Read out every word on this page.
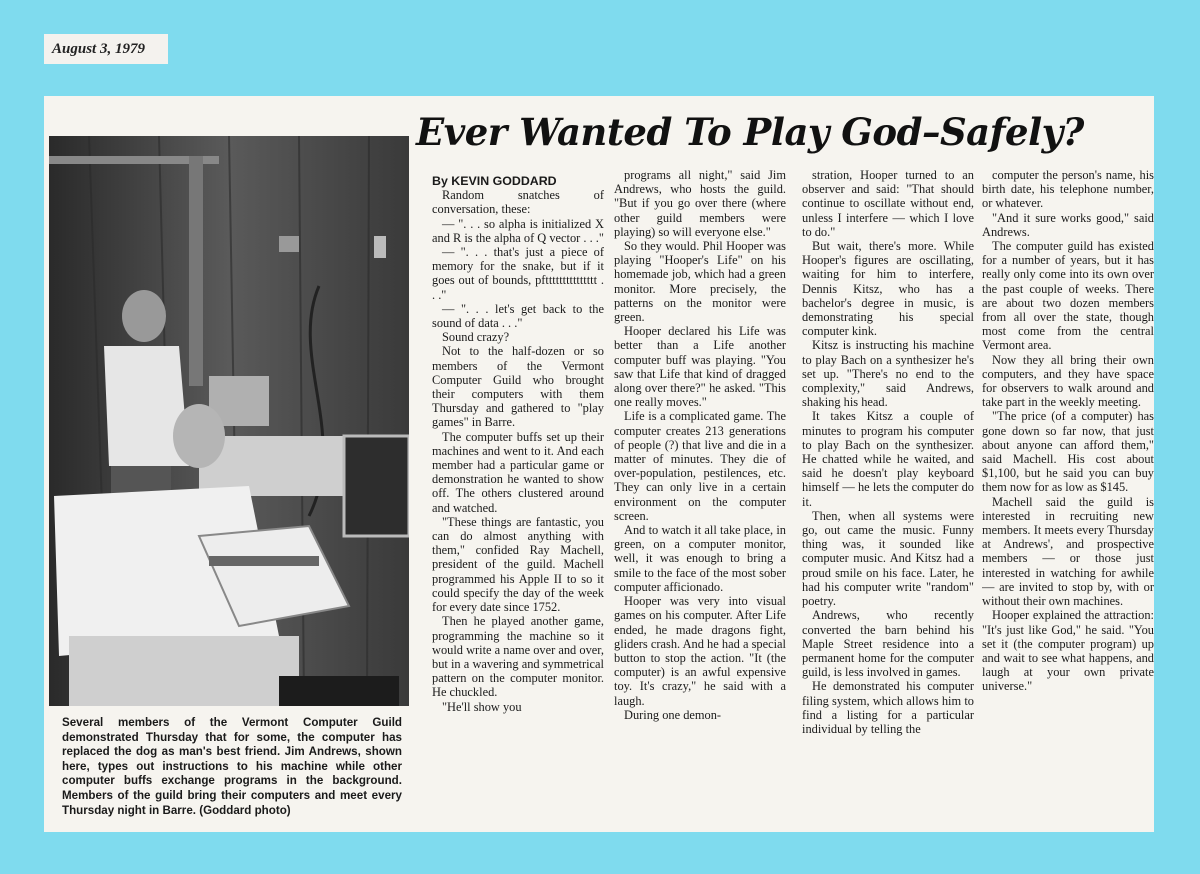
August 3, 1979
Ever Wanted To Play God–Safely?
Several members of the Vermont Computer Guild demonstrated Thursday that for some, the computer has replaced the dog as man's best friend. Jim Andrews, shown here, types out instructions to his machine while other computer buffs exchange programs in the background. Members of the guild bring their computers and meet every Thursday night in Barre. (Goddard photo)

By KEVIN GODDARD

Random snatches of conversation, these:

— ". . . so alpha is initialized X and R is the alpha of Q vector . . ."

— ". . . that's just a piece of memory for the snake, but if it goes out of bounds, pfttttttttttttttt . . ."

— ". . . let's get back to the sound of data . . ."

Sound crazy?

Not to the half-dozen or so members of the Vermont Computer Guild who brought their computers with them Thursday and gathered to "play games" in Barre.

The computer buffs set up their machines and went to it. And each member had a particular game or demonstration he wanted to show off. The others clustered around and watched.

"These things are fantastic, you can do almost anything with them," confided Ray Machell, president of the guild. Machell programmed his Apple II to so it could specify the day of the week for every date since 1752.

Then he played another game, programming the machine so it would write a name over and over, but in a wavering and symmetrical pattern on the computer monitor. He chuckled.

"He'll show you

programs all night," said Jim Andrews, who hosts the guild. "But if you go over there (where other guild members were playing) so will everyone else."

So they would. Phil Hooper was playing "Hooper's Life" on his homemade job, which had a green monitor. More precisely, the patterns on the monitor were green.

Hooper declared his Life was better than a Life another computer buff was playing. "You saw that Life that kind of dragged along over there?" he asked. "This one really moves."

Life is a complicated game. The computer creates 213 generations of people (?) that live and die in a matter of minutes. They die of over-population, pestilences, etc. They can only live in a certain environment on the computer screen.

And to watch it all take place, in green, on a computer monitor, well, it was enough to bring a smile to the face of the most sober computer afficionado.

Hooper was very into visual games on his computer. After Life ended, he made dragons fight, gliders crash. And he had a special button to stop the action. "It (the computer) is an awful expensive toy. It's crazy," he said with a laugh.

During one demon-

stration, Hooper turned to an observer and said: "That should continue to oscillate without end, unless I interfere — which I love to do."

But wait, there's more. While Hooper's figures are oscillating, waiting for him to interfere, Dennis Kitsz, who has a bachelor's degree in music, is demonstrating his special computer kink.

Kitsz is instructing his machine to play Bach on a synthesizer he's set up. "There's no end to the complexity," said Andrews, shaking his head.

It takes Kitsz a couple of minutes to program his computer to play Bach on the synthesizer. He chatted while he waited, and said he doesn't play keyboard himself — he lets the computer do it.

Then, when all systems were go, out came the music. Funny thing was, it sounded like computer music. And Kitsz had a proud smile on his face. Later, he had his computer write "random" poetry.

Andrews, who recently converted the barn behind his Maple Street residence into a permanent home for the computer guild, is less involved in games.

He demonstrated his computer filing system, which allows him to find a listing for a particular individual by telling the

computer the person's name, his birth date, his telephone number, or whatever.

"And it sure works good," said Andrews.

The computer guild has existed for a number of years, but it has really only come into its own over the past couple of weeks. There are about two dozen members from all over the state, though most come from the central Vermont area.

Now they all bring their own computers, and they have space for observers to walk around and take part in the weekly meeting.

"The price (of a computer) has gone down so far now, that just about anyone can afford them," said Machell. His cost about $1,100, but he said you can buy them now for as low as $145.

Machell said the guild is interested in recruiting new members. It meets every Thursday at Andrews', and prospective members — or those just interested in watching for awhile — are invited to stop by, with or without their own machines.

Hooper explained the attraction: "It's just like God," he said. "You set it (the computer program) up and wait to see what happens, and laugh at your own private universe."
